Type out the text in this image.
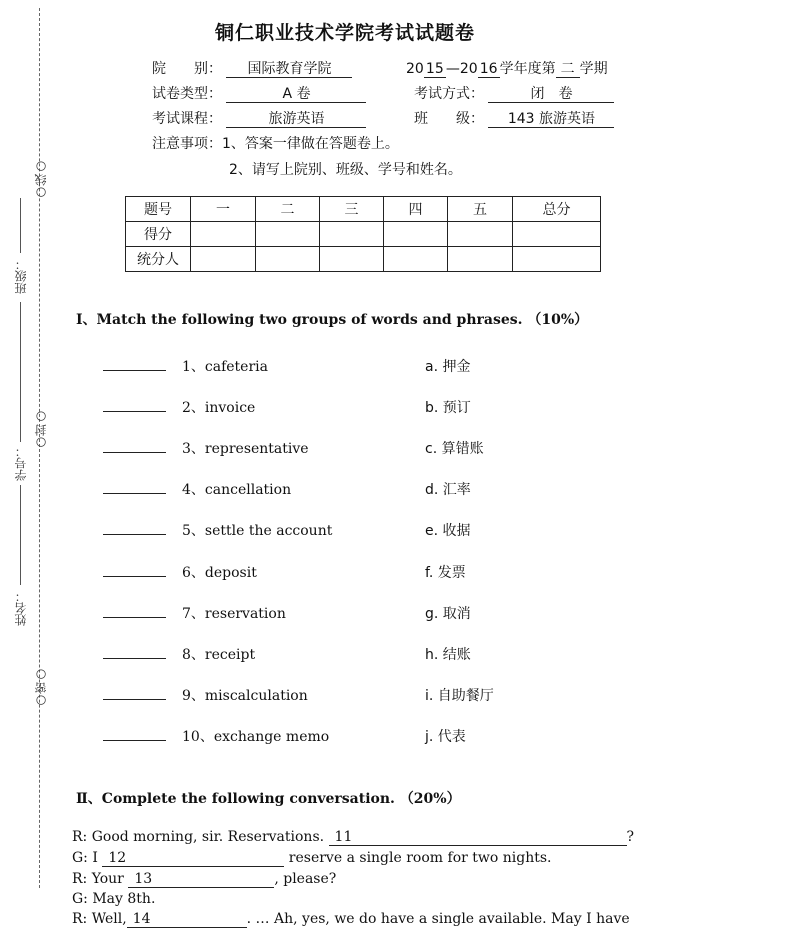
铜仁职业技术学院考试试题卷
院　　别： 国际教育学院	20 15 —20 16 学年度第 二 学期
试卷类型：	A 卷	考试方式：	闭　卷
考试课程：	旅游英语	班　　级： 143 旅游英语
注意事项：1、答案一律做在答题卷上。
2、请写上院别、班级、学号和姓名。
○线○
○封○
○密○
班级：
学号：
姓名：
题号	一	二	三	四	五	总分
得分						
统分人						
Ⅰ、Match the following two groups of words and phrases. （10%）
1、cafeteria	a. 押金
2、invoice	b. 预订
3、representative	c. 算错账
4、cancellation	d. 汇率
5、settle the account	e. 收据
6、deposit	f. 发票
7、reservation	g. 取消
8、receipt	h. 结账
9、miscalculation	i. 自助餐厅
10、exchange memo	j. 代表
Ⅱ、Complete the following conversation. （20%）
R: Good morning, sir. Reservations. 11	?
G: I 12	reserve a single room for two nights.
R: Your 13	, please?
G: May 8th.
R: Well, 14	. … Ah, yes, we do have a single available. May I have
